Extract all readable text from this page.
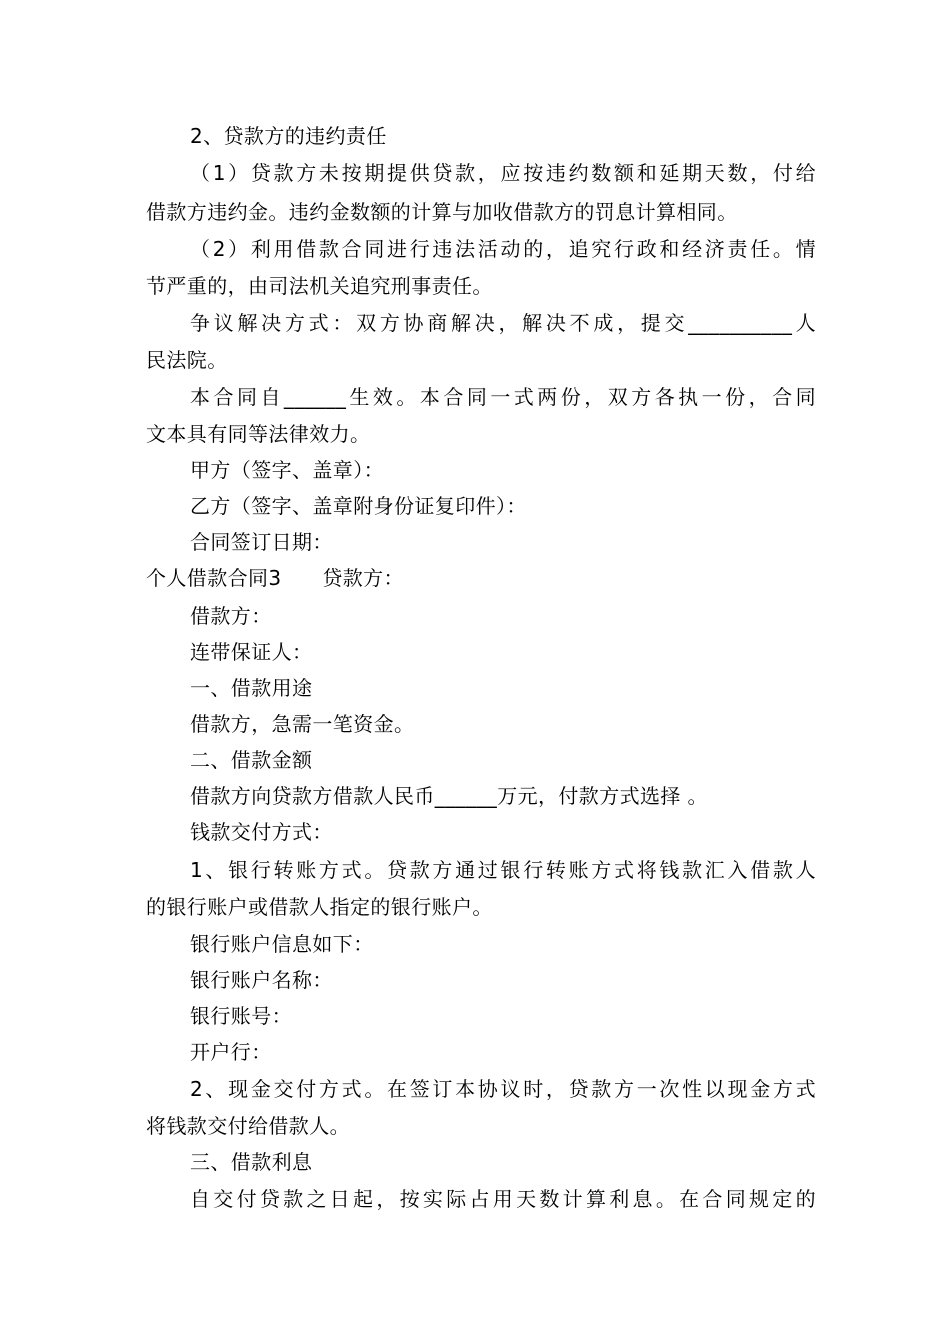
2、贷款方的违约责任
（1）贷款方未按期提供贷款，应按违约数额和延期天数，付给
借款方违约金。违约金数额的计算与加收借款方的罚息计算相同。
（2）利用借款合同进行违法活动的，追究行政和经济责任。情
节严重的，由司法机关追究刑事责任。
争议解决方式：双方协商解决，解决不成，提交__________人
民法院。
本合同自______生效。本合同一式两份，双方各执一份，合同
文本具有同等法律效力。
甲方（签字、盖章）：
乙方（签字、盖章附身份证复印件）：
合同签订日期：
个人借款合同3　　贷款方：
借款方：
连带保证人：
一、借款用途
借款方，急需一笔资金。
二、借款金额
借款方向贷款方借款人民币______万元，付款方式选择 。
钱款交付方式：
1、银行转账方式。贷款方通过银行转账方式将钱款汇入借款人
的银行账户或借款人指定的银行账户。
银行账户信息如下：
银行账户名称：
银行账号：
开户行：
2、现金交付方式。在签订本协议时，贷款方一次性以现金方式
将钱款交付给借款人。
三、借款利息
自交付贷款之日起，按实际占用天数计算利息。在合同规定的
